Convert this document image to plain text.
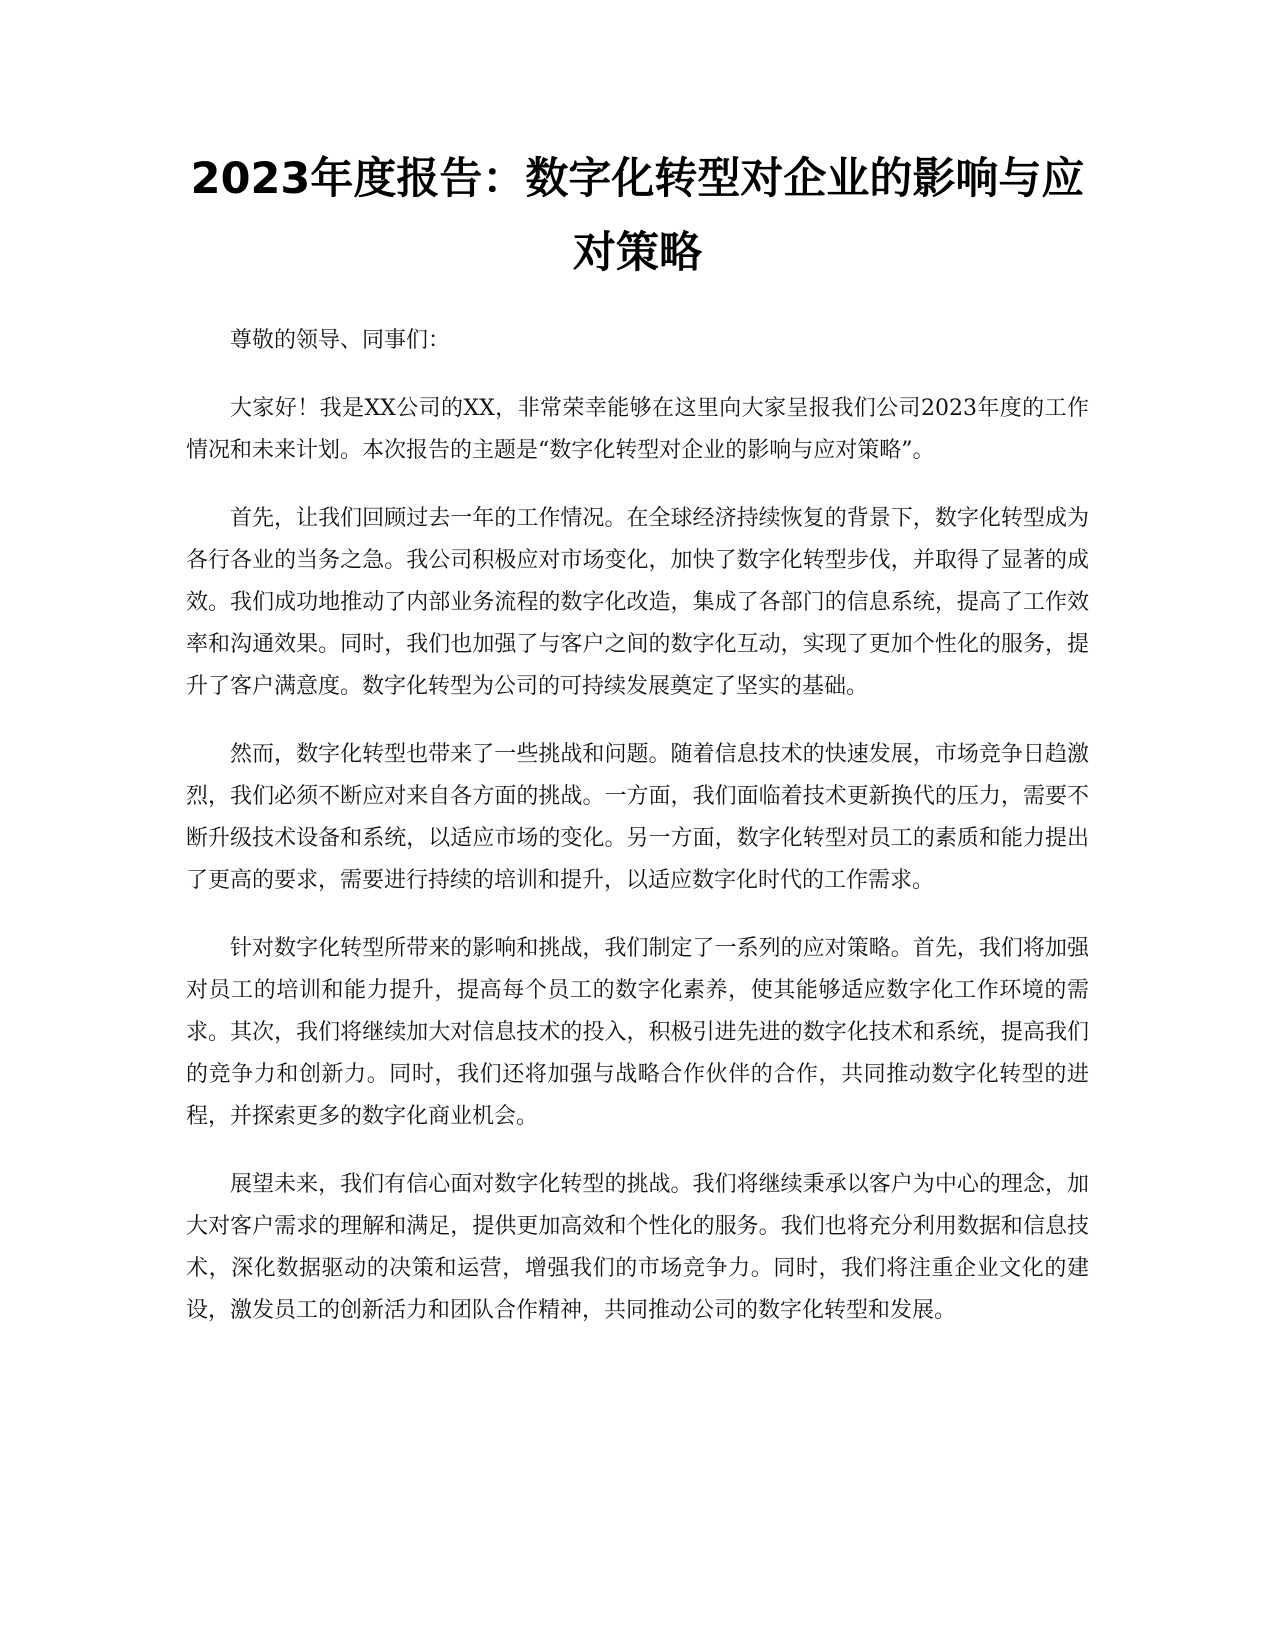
2023年度报告：数字化转型对企业的影响与应对策略

尊敬的领导、同事们：

大家好！我是XX公司的XX，非常荣幸能够在这里向大家呈报我们公司2023年度的工作情况和未来计划。本次报告的主题是“数字化转型对企业的影响与应对策略”。

首先，让我们回顾过去一年的工作情况。在全球经济持续恢复的背景下，数字化转型成为各行各业的当务之急。我公司积极应对市场变化，加快了数字化转型步伐，并取得了显著的成效。我们成功地推动了内部业务流程的数字化改造，集成了各部门的信息系统，提高了工作效率和沟通效果。同时，我们也加强了与客户之间的数字化互动，实现了更加个性化的服务，提升了客户满意度。数字化转型为公司的可持续发展奠定了坚实的基础。

然而，数字化转型也带来了一些挑战和问题。随着信息技术的快速发展，市场竞争日趋激烈，我们必须不断应对来自各方面的挑战。一方面，我们面临着技术更新换代的压力，需要不断升级技术设备和系统，以适应市场的变化。另一方面，数字化转型对员工的素质和能力提出了更高的要求，需要进行持续的培训和提升，以适应数字化时代的工作需求。

针对数字化转型所带来的影响和挑战，我们制定了一系列的应对策略。首先，我们将加强对员工的培训和能力提升，提高每个员工的数字化素养，使其能够适应数字化工作环境的需求。其次，我们将继续加大对信息技术的投入，积极引进先进的数字化技术和系统，提高我们的竞争力和创新力。同时，我们还将加强与战略合作伙伴的合作，共同推动数字化转型的进程，并探索更多的数字化商业机会。

展望未来，我们有信心面对数字化转型的挑战。我们将继续秉承以客户为中心的理念，加大对客户需求的理解和满足，提供更加高效和个性化的服务。我们也将充分利用数据和信息技术，深化数据驱动的决策和运营，增强我们的市场竞争力。同时，我们将注重企业文化的建设，激发员工的创新活力和团队合作精神，共同推动公司的数字化转型和发展。
